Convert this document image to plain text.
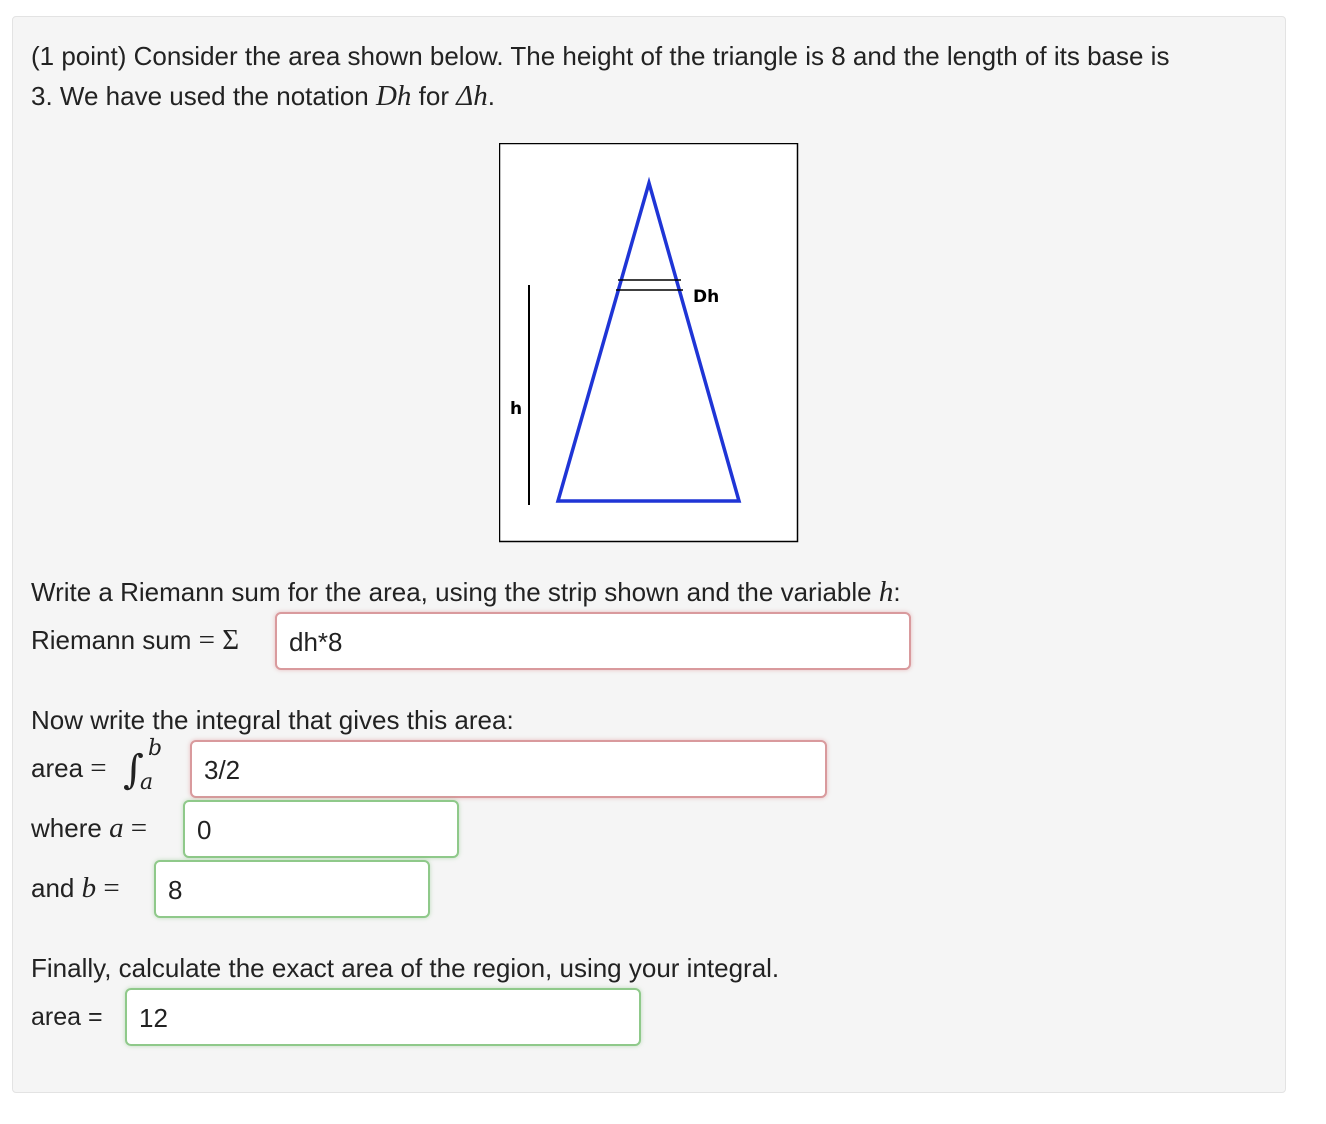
(1 point) Consider the area shown below. The height of the triangle is 8 and the length of its base is
3. We have used the notation Dh for Δh.
Dh
h
Write a Riemann sum for the area, using the strip shown and the variable h:
Riemann sum = Σ	dh*8
Now write the integral that gives this area:
area = ∫ b
a	3/2
where a =	0
and b =	8
Finally, calculate the exact area of the region, using your integral.
area =	12
